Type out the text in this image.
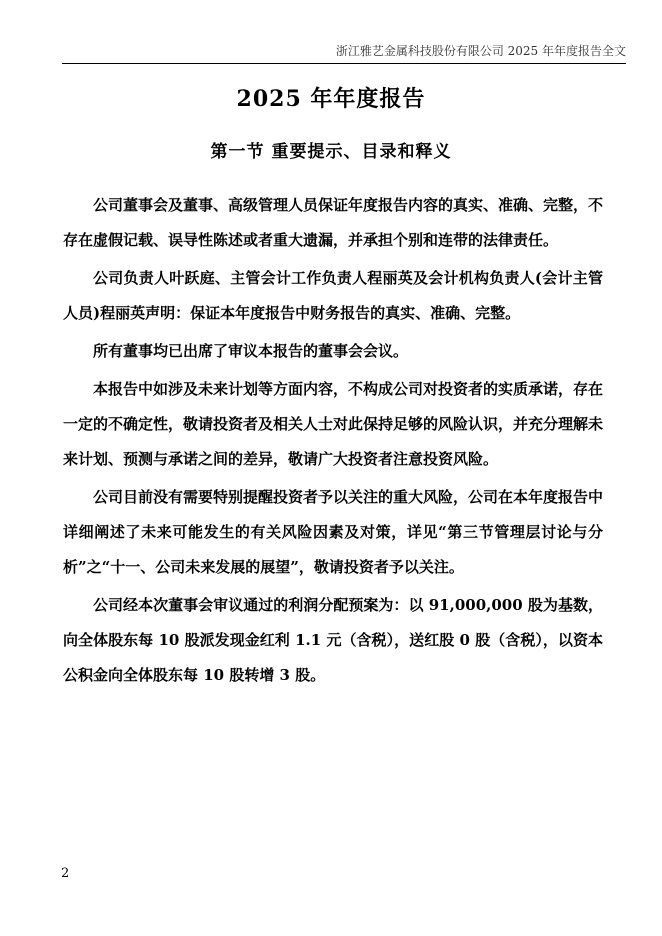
浙江雅艺金属科技股份有限公司 2025 年年度报告全文
2025 年年度报告
第一节 重要提示、目录和释义

公司董事会及董事、高级管理人员保证年度报告内容的真实、准确、完整，不存在虚假记载、误导性陈述或者重大遗漏，并承担个别和连带的法律责任。

公司负责人叶跃庭、主管会计工作负责人程丽英及会计机构负责人(会计主管人员)程丽英声明：保证本年度报告中财务报告的真实、准确、完整。

所有董事均已出席了审议本报告的董事会会议。

本报告中如涉及未来计划等方面内容，不构成公司对投资者的实质承诺，存在一定的不确定性，敬请投资者及相关人士对此保持足够的风险认识，并充分理解未来计划、预测与承诺之间的差异，敬请广大投资者注意投资风险。

公司目前没有需要特别提醒投资者予以关注的重大风险，公司在本年度报告中详细阐述了未来可能发生的有关风险因素及对策，详见“第三节管理层讨论与分析”之“十一、公司未来发展的展望”，敬请投资者予以关注。

公司经本次董事会审议通过的利润分配预案为：以 91,000,000 股为基数，向全体股东每 10 股派发现金红利 1.1 元（含税），送红股 0 股（含税），以资本公积金向全体股东每 10 股转增 3 股。

2
